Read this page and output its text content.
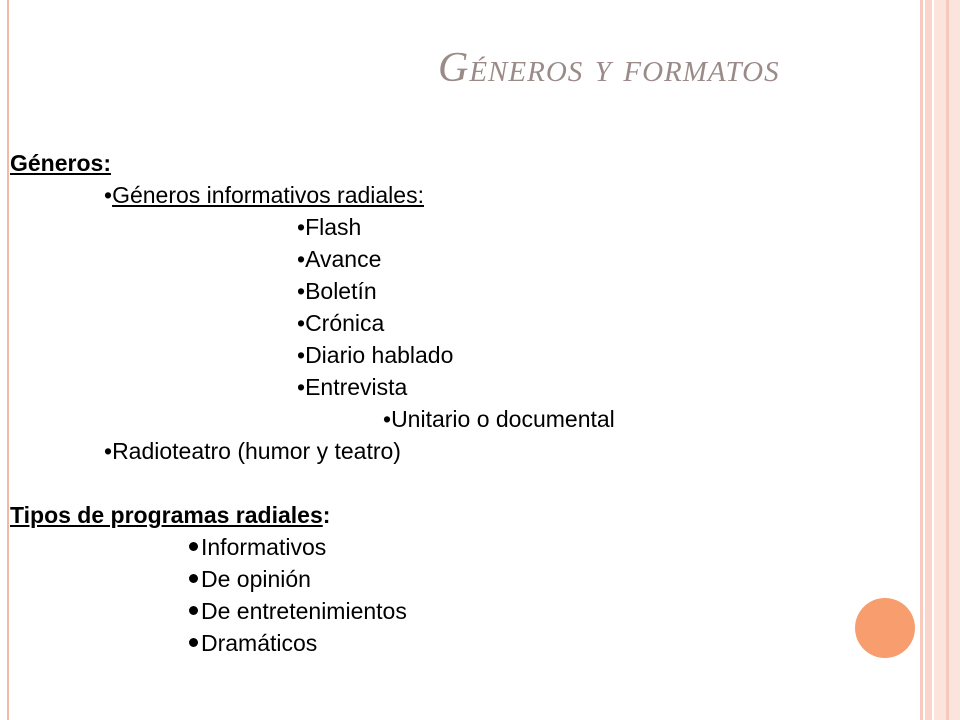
Géneros y formatos
Géneros:
•Géneros informativos radiales:
•Flash
•Avance
•Boletín
•Crónica
•Diario hablado
•Entrevista
•Unitario o documental
•Radioteatro (humor y teatro)
Tipos de programas radiales:
Informativos
De opinión
De entretenimientos
Dramáticos
